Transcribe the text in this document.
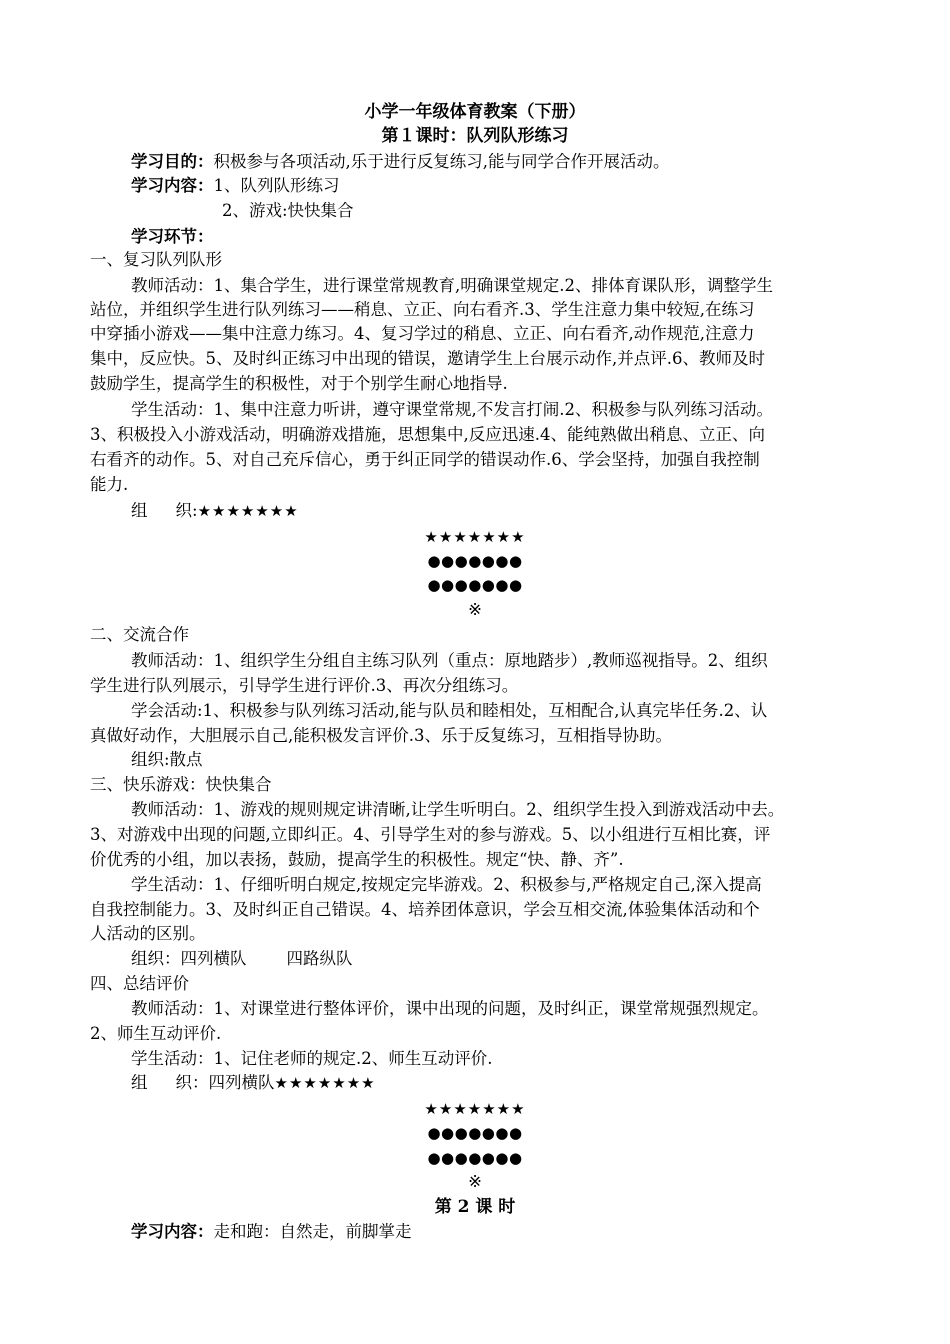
小学一年级体育教案（下册）
第１课时：队列队形练习
学习目的：积极参与各项活动,乐于进行反复练习,能与同学合作开展活动。
学习内容：1、队列队形练习
2、游戏:快快集合
学习环节：
一、复习队列队形
教师活动：1、集合学生，进行课堂常规教育,明确课堂规定.2、排体育课队形，调整学生
站位，并组织学生进行队列练习——稍息、立正、向右看齐.3、学生注意力集中较短,在练习
中穿插小游戏——集中注意力练习。4、复习学过的稍息、立正、向右看齐,动作规范,注意力
集中，反应快。5、及时纠正练习中出现的错误，邀请学生上台展示动作,并点评.6、教师及时
鼓励学生，提高学生的积极性，对于个别学生耐心地指导.
学生活动：1、集中注意力听讲，遵守课堂常规,不发言打闹.2、积极参与队列练习活动。
3、积极投入小游戏活动，明确游戏措施，思想集中,反应迅速.4、能纯熟做出稍息、立正、向
右看齐的动作。5、对自己充斥信心，勇于纠正同学的错误动作.6、学会坚持，加强自我控制
能力.
组 织:★★★★★★★
★★★★★★★
●●●●●●●
●●●●●●●
※
二、交流合作
教师活动：1、组织学生分组自主练习队列（重点：原地踏步）,教师巡视指导。2、组织
学生进行队列展示，引导学生进行评价.3、再次分组练习。
学会活动:1、积极参与队列练习活动,能与队员和睦相处，互相配合,认真完毕任务.2、认
真做好动作，大胆展示自己,能积极发言评价.3、乐于反复练习，互相指导协助。
组织:散点
三、快乐游戏：快快集合
教师活动：1、游戏的规则规定讲清晰,让学生听明白。2、组织学生投入到游戏活动中去。
3、对游戏中出现的问题,立即纠正。4、引导学生对的参与游戏。5、以小组进行互相比赛，评
价优秀的小组，加以表扬，鼓励，提高学生的积极性。规定“快、静、齐”.
学生活动：1、仔细听明白规定,按规定完毕游戏。2、积极参与,严格规定自己,深入提高
自我控制能力。3、及时纠正自己错误。4、培养团体意识，学会互相交流,体验集体活动和个
人活动的区别。
组织：四列横队 四路纵队
四、总结评价
教师活动：1、对课堂进行整体评价，课中出现的问题，及时纠正，课堂常规强烈规定。
2、师生互动评价.
学生活动：1、记住老师的规定.2、师生互动评价.
组 织：四列横队★★★★★★★
★★★★★★★
●●●●●●●
●●●●●●●
※
第 2 课 时
学习内容：走和跑：自然走，前脚掌走
